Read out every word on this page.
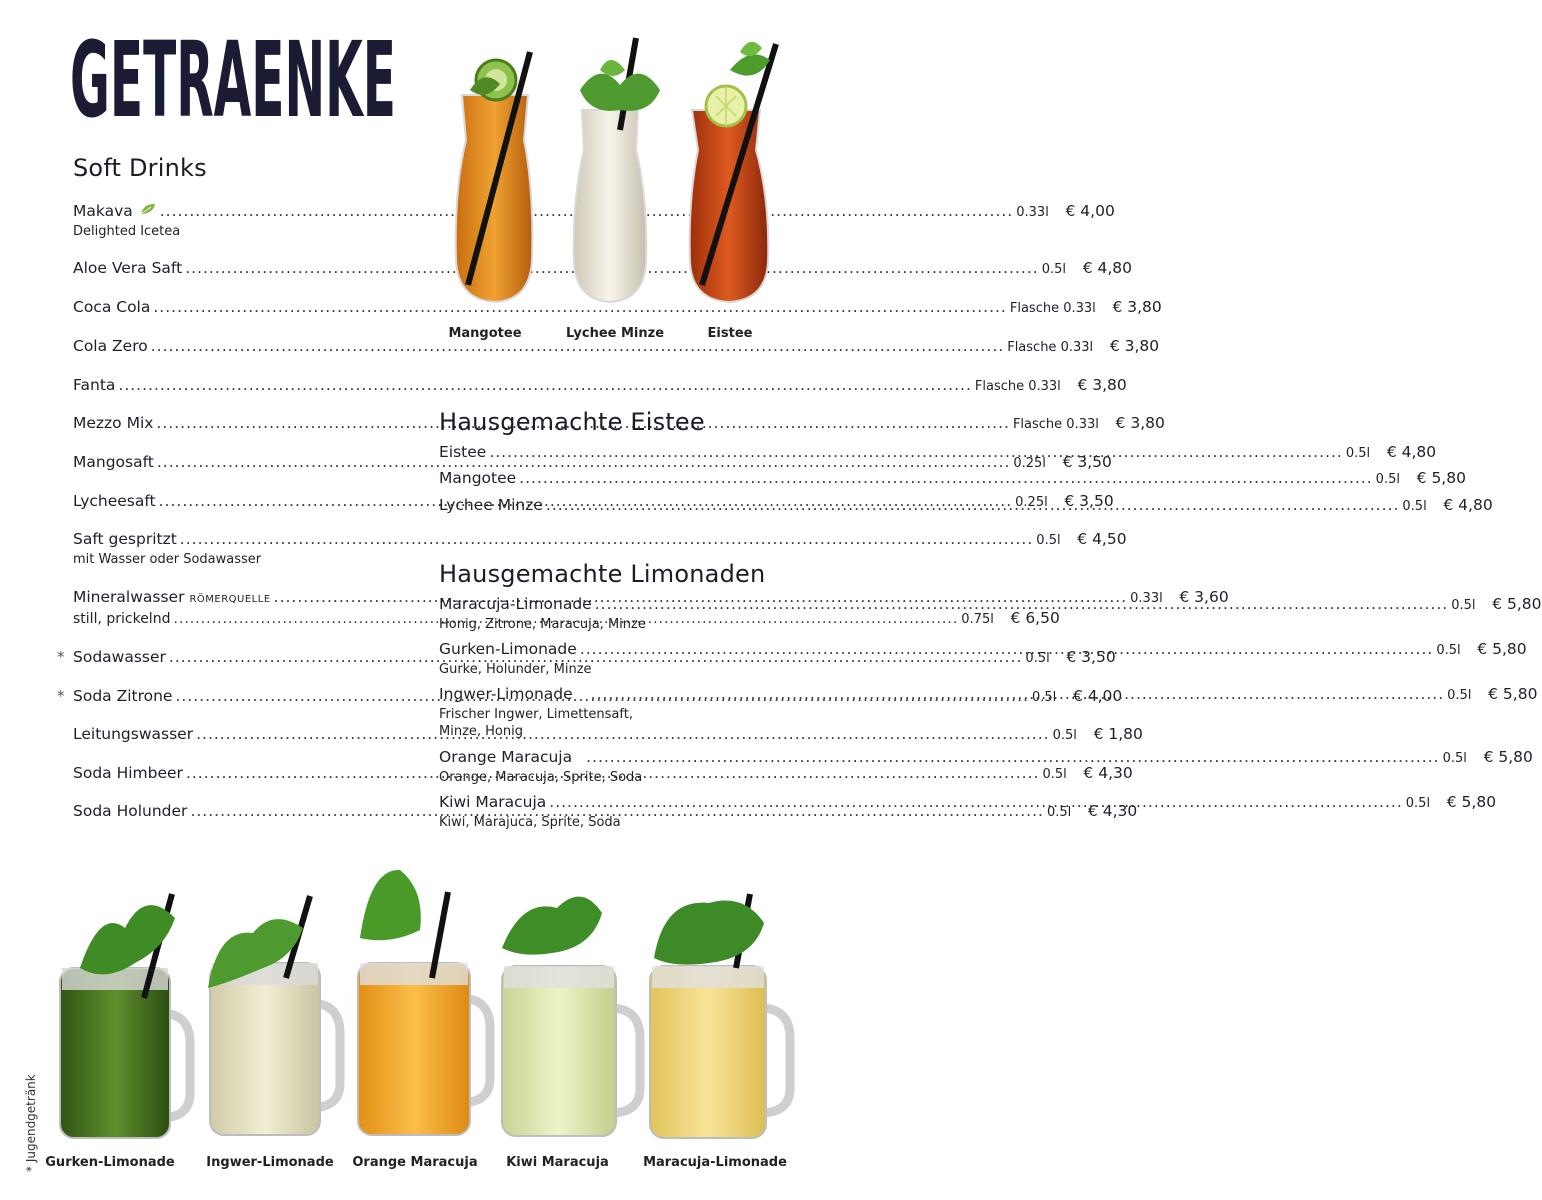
GETRAENKE
Soft Drinks
Makava .....	0.33l	€ 4,00
Delighted Icetea
Aloe Vera Saft .....	0.5l	€ 4,80
Coca Cola .....	Flasche 0.33l	€ 3,80
Cola Zero .....	Flasche 0.33l	€ 3,80
Fanta .....	Flasche 0.33l	€ 3,80
Mezzo Mix .....	Flasche 0.33l	€ 3,80
Mangosaft .....	0.25l	€ 3,50
Lycheesaft .....	0.25l	€ 3,50
Saft gespritzt .....	0.5l	€ 4,50
mit Wasser oder Sodawasser
Mineralwasser RÖMERQUELLE .....	0.33l	€ 3,60
still, prickelnd .....	0.75l	€ 6,50
* Sodawasser .....	0.5l	€ 3,50
* Soda Zitrone .....	0.5l	€ 4,00
Leitungswasser .....	0.5l	€ 1,80
Soda Himbeer .....	0.5l	€ 4,30
Soda Holunder .....	0.5l	€ 4,30
Mangotee	Lychee Minze	Eistee
Hausgemachte Eistee
Eistee .....	0.5l	€ 4,80
Mangotee .....	0.5l	€ 5,80
Lychee Minze .....	0.5l	€ 4,80
Hausgemachte Limonaden
Maracuja-Limonade .....	0.5l	€ 5,80
Honig, Zitrone, Maracuja, Minze
Gurken-Limonade .....	0.5l	€ 5,80
Gurke, Holunder, Minze
Ingwer-Limonade .....	0.5l	€ 5,80
Frischer Ingwer, Limettensaft,
Minze, Honig
Orange Maracuja .....	0.5l	€ 5,80
Orange, Maracuja, Sprite, Soda
Kiwi Maracuja .....	0.5l	€ 5,80
Kiwi, Marajuca, Sprite, Soda
Gurken-Limonade	Ingwer-Limonade	Orange Maracuja	Kiwi Maracuja	Maracuja-Limonade
* Jugendgetränk
